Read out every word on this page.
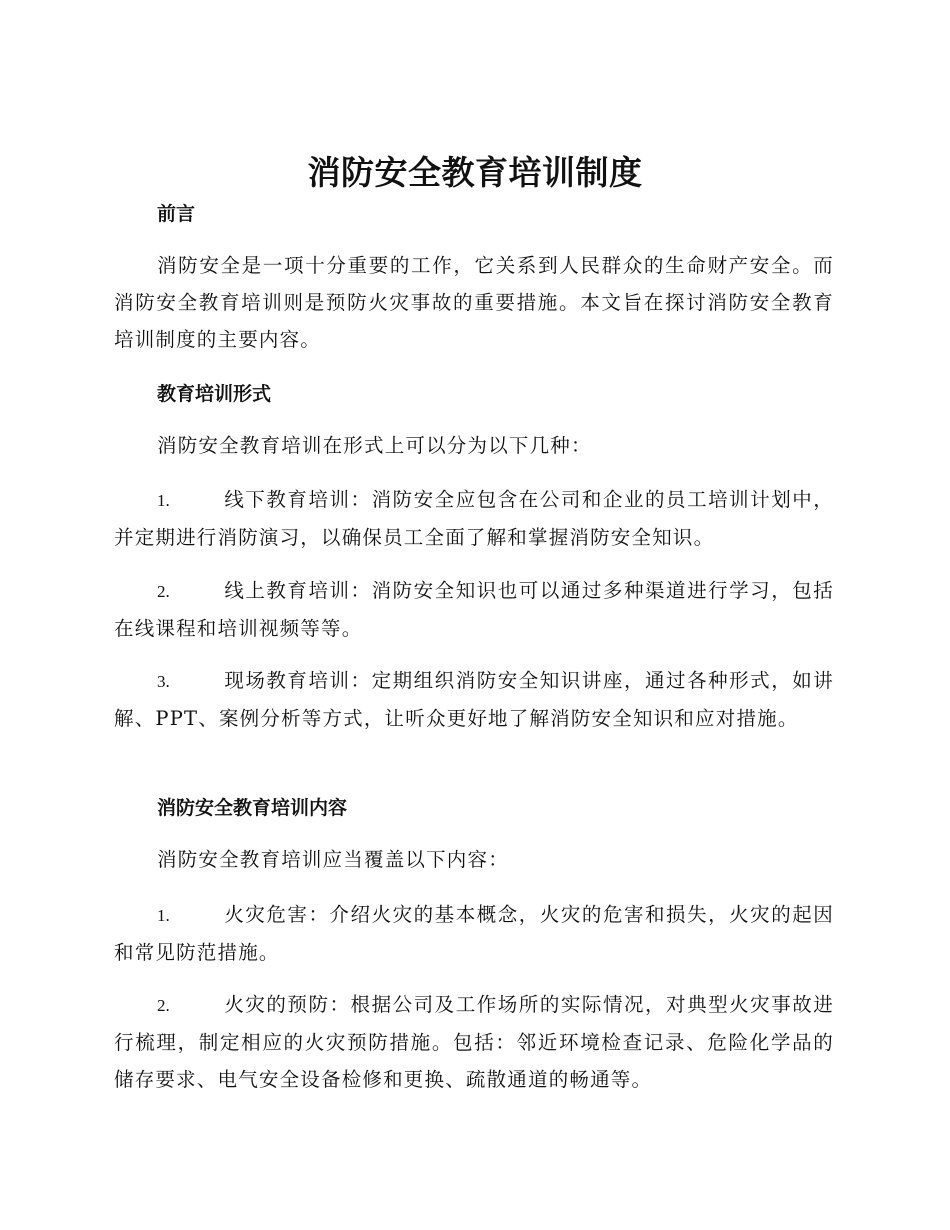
消防安全教育培训制度
前言

消防安全是一项十分重要的工作，它关系到人民群众的生命财产安全。而消防安全教育培训则是预防火灾事故的重要措施。本文旨在探讨消防安全教育培训制度的主要内容。

教育培训形式

消防安全教育培训在形式上可以分为以下几种：

1.	线下教育培训：消防安全应包含在公司和企业的员工培训计划中，并定期进行消防演习，以确保员工全面了解和掌握消防安全知识。

2.	线上教育培训：消防安全知识也可以通过多种渠道进行学习，包括在线课程和培训视频等等。

3.	现场教育培训：定期组织消防安全知识讲座，通过各种形式，如讲解、PPT、案例分析等方式，让听众更好地了解消防安全知识和应对措施。

消防安全教育培训内容

消防安全教育培训应当覆盖以下内容：

1.	火灾危害：介绍火灾的基本概念，火灾的危害和损失，火灾的起因和常见防范措施。

2.	火灾的预防：根据公司及工作场所的实际情况，对典型火灾事故进行梳理，制定相应的火灾预防措施。包括：邻近环境检查记录、危险化学品的储存要求、电气安全设备检修和更换、疏散通道的畅通等。
